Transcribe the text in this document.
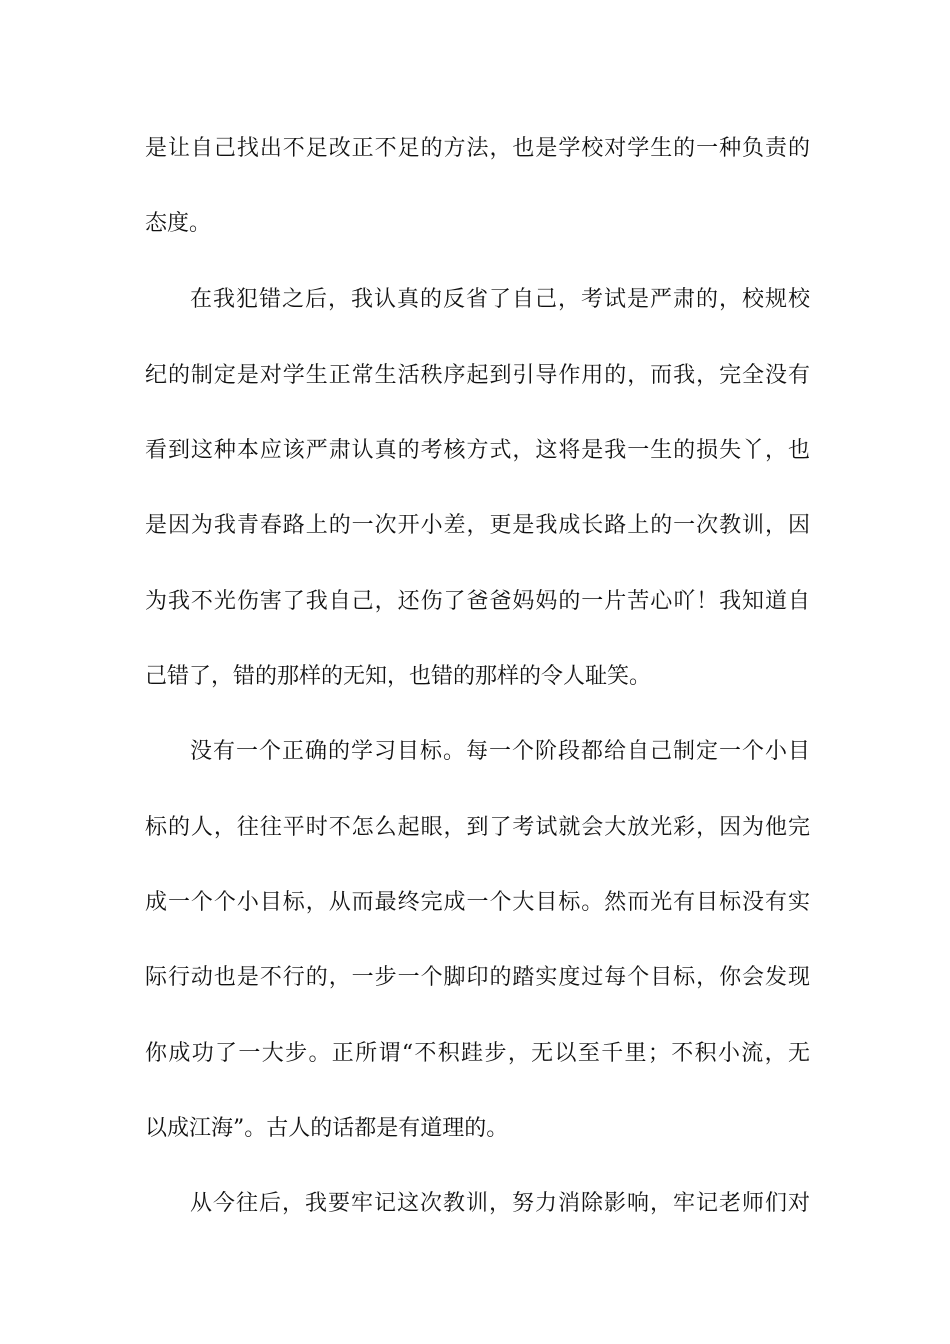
是让自己找出不足改正不足的方法，也是学校对学生的一种负责的

态度。

在我犯错之后，我认真的反省了自己，考试是严肃的，校规校

纪的制定是对学生正常生活秩序起到引导作用的，而我，完全没有

看到这种本应该严肃认真的考核方式，这将是我一生的损失丫，也

是因为我青春路上的一次开小差，更是我成长路上的一次教训，因

为我不光伤害了我自己，还伤了爸爸妈妈的一片苦心吖！我知道自

己错了，错的那样的无知，也错的那样的令人耻笑。

没有一个正确的学习目标。每一个阶段都给自己制定一个小目

标的人，往往平时不怎么起眼，到了考试就会大放光彩，因为他完

成一个个小目标，从而最终完成一个大目标。然而光有目标没有实

际行动也是不行的，一步一个脚印的踏实度过每个目标，你会发现

你成功了一大步。正所谓“不积跬步，无以至千里；不积小流，无

以成江海”。古人的话都是有道理的。

从今往后，我要牢记这次教训，努力消除影响，牢记老师们对
